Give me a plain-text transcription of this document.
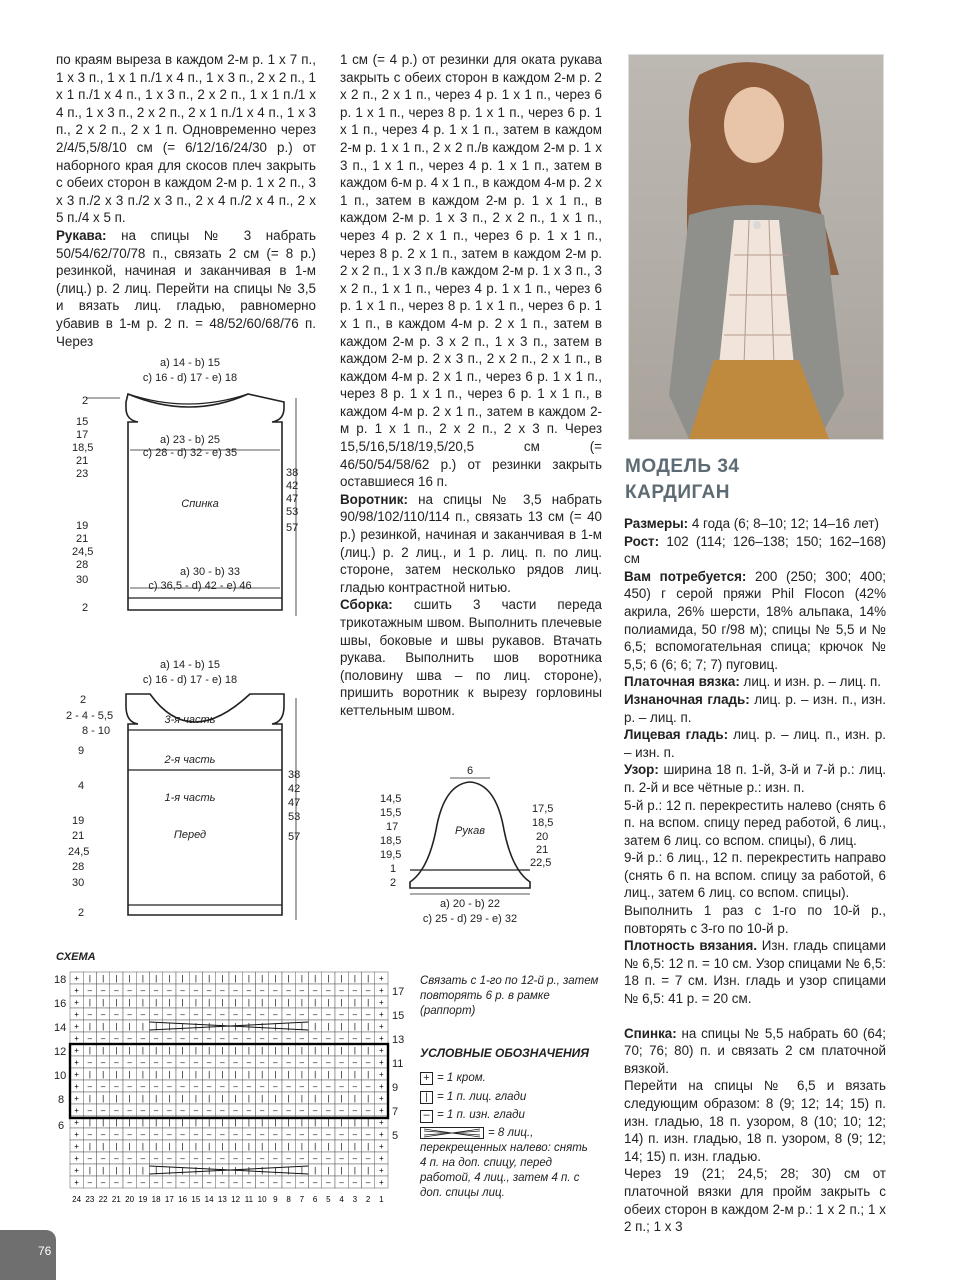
по краям выреза в каждом 2-м р. 1 х 7 п., 1 х 3 п., 1 х 1 п./1 х 4 п., 1 х 3 п., 2 х 2 п., 1 х 1 п./1 х 4 п., 1 х 3 п., 2 х 2 п., 1 х 1 п./1 х 4 п., 1 х 3 п., 2 х 2 п., 2 х 1 п./1 х 4 п., 1 х 3 п., 2 х 2 п., 2 х 1 п. Одновременно через 2/4/5,5/8/10 см (= 6/12/16/24/30 р.) от наборного края для скосов плеч закрыть с обеих сторон в каждом 2-м р. 1 х 2 п., 3 х 3 п./2 х 3 п./2 х 3 п., 2 х 4 п./2 х 4 п., 2 х 5 п./4 х 5 п.

Рукава: на спицы № 3 набрать 50/54/62/70/78 п., связать 2 см (= 8 р.) резинкой, начиная и заканчивая в 1-м (лиц.) р. 2 лиц. Перейти на спицы № 3,5 и вязать лиц. гладью, равномерно убавив в 1-м р. 2 п. = 48/52/60/68/76 п. Через

1 см (= 4 р.) от резинки для оката рукава закрыть с обеих сторон в каждом 2-м р. 2 х 2 п., 2 х 1 п., через 4 р. 1 х 1 п., через 6 р. 1 х 1 п., через 8 р. 1 х 1 п., через 6 р. 1 х 1 п., через 4 р. 1 х 1 п., затем в каждом 2-м р. 1 х 1 п., 2 х 2 п./в каждом 2-м р. 1 х 3 п., 1 х 1 п., через 4 р. 1 х 1 п., затем в каждом 6-м р. 4 х 1 п., в каждом 4-м р. 2 х 1 п., затем в каждом 2-м р. 1 х 1 п., в каждом 2-м р. 1 х 3 п., 2 х 2 п., 1 х 1 п., через 4 р. 2 х 1 п., через 6 р. 1 х 1 п., через 8 р. 2 х 1 п., затем в каждом 2-м р. 2 х 2 п., 1 х 3 п./в каждом 2-м р. 1 х 3 п., 3 х 2 п., 1 х 1 п., через 4 р. 1 х 1 п., через 6 р. 1 х 1 п., через 8 р. 1 х 1 п., через 6 р. 1 х 1 п., в каждом 4-м р. 2 х 1 п., затем в каждом 2-м р. 3 х 2 п., 1 х 3 п., затем в каждом 2-м р. 2 х 3 п., 2 х 2 п., 2 х 1 п., в каждом 4-м р. 2 х 1 п., через 6 р. 1 х 1 п., через 8 р. 1 х 1 п., через 6 р. 1 х 1 п., в каждом 4-м р. 2 х 1 п., затем в каждом 2-м р. 1 х 1 п., 2 х 2 п., 2 х 3 п. Через 15,5/16,5/18/19,5/20,5 см (= 46/50/54/58/62 р.) от резинки закрыть оставшиеся 16 п.

Воротник: на спицы № 3,5 набрать 90/98/102/110/114 п., связать 13 см (= 40 р.) резинкой, начиная и заканчивая в 1-м (лиц.) р. 2 лиц., и 1 р. лиц. п. по лиц. стороне, затем несколько рядов лиц. гладью контрастной нитью.

Сборка: сшить 3 части переда трикотажным швом. Выполнить плечевые швы, боковые и швы рукавов. Втачать рукава. Выполнить шов воротника (половину шва – по лиц. стороне), пришить воротник к вырезу горловины кеттельным швом.

МОДЕЛЬ 34
КАРДИГАН

Размеры: 4 года (6; 8–10; 12; 14–16 лет)

Рост: 102 (114; 126–138; 150; 162–168) см

Вам потребуется: 200 (250; 300; 400; 450) г серой пряжи Phil Flocon (42% акрила, 26% шерсти, 18% альпака, 14% полиамида, 50 г/98 м); спицы № 5,5 и № 6,5; вспомогательная спица; крючок № 5,5; 6 (6; 6; 7; 7) пуговиц.

Платочная вязка: лиц. и изн. р. – лиц. п.

Изнаночная гладь: лиц. р. – изн. п., изн. р. – лиц. п.

Лицевая гладь: лиц. р. – лиц. п., изн. р. – изн. п.

Узор: ширина 18 п. 1-й, 3-й и 7-й р.: лиц. п. 2-й и все чётные р.: изн. п.

5-й р.: 12 п. перекрестить налево (снять 6 п. на вспом. спицу перед работой, 6 лиц., затем 6 лиц. со вспом. спицы), 6 лиц.

9-й р.: 6 лиц., 12 п. перекрестить направо (снять 6 п. на вспом. спицу за работой, 6 лиц., затем 6 лиц. со вспом. спицы).

Выполнить 1 раз с 1-го по 10-й р., повторять с 3-го по 10-й р.

Плотность вязания. Изн. гладь спицами № 6,5: 12 п. = 10 см. Узор спицами № 6,5: 18 п. = 7 см. Изн. гладь и узор спицами № 6,5: 41 р. = 20 см.

Спинка: на спицы № 5,5 набрать 60 (64; 70; 76; 80) п. и связать 2 см платочной вязкой.

Перейти на спицы № 6,5 и вязать следующим образом: 8 (9; 12; 14; 15) п. изн. гладью, 18 п. узором, 8 (10; 10; 12; 14) п. изн. гладью, 18 п. узором, 8 (9; 12; 14; 15) п. изн. гладью.

Через 19 (21; 24,5; 28; 30) см от платочной вязки для пройм закрыть с обеих сторон в каждом 2-м р.: 1 х 2 п.; 1 х 2 п.; 1 х 3

a) 14 - b) 15
c) 16 - d) 17 - e) 18
a) 23 - b) 25
c) 28 - d) 32 - e) 35
Спинка
a) 30 - b) 33
c) 36,5 - d) 42 - e) 46
2
15
17
18,5
21
23
19
21
24,5
28
30
2
38
42
47
53
57
a) 14 - b) 15
c) 16 - d) 17 - e) 18
3-я часть
2-я часть
1-я часть
Перед
2
2 - 4 - 5,5
8 - 10
9
4
19
21
24,5
28
30
2
38
42
47
53
57
6
Рукав
14,5
15,5
17
18,5
19,5
1
2
17,5
18,5
20
21
22,5
a) 20 - b) 22
c) 25 - d) 29 - e) 32
СХЕМА
+ | | | | | | | | | | | | | | | | | | | | | | +
+ – – – – – – – – – – – – – – – – – – – – – – +
+ | | | | | | | | | | | | | | | | | | | | | | +
+ – – – – – – – – – – – – – – – – – – – – – – +
+ | | | | | | | | | | | | | | | | | | | | | | +
+ – – – – – – – – – – – – – – – – – – – – – – +
+ | | | | | | | | | | | | | | | | | | | | | | +
+ – – – – – – – – – – – – – – – – – – – – – – +
+ | | | | | | | | | | | | | | | | | | | | | | +
+ – – – – – – – – – – – – – – – – – – – – – – +
+ | | | | | | | | | | | | | | | | | | | | | | +
+ – – – – – – – – – – – – – – – – – – – – – – +
+ | | | | | | | | | | | | | | | | | | | | | | +
+ – – – – – – – – – – – – – – – – – – – – – – +
+ | | | | | | | | | | | | | | | | | | | | | | +
+ – – – – – – – – – – – – – – – – – – – – – – +
+ | | | | | | | | | | | | | | | | | | | | | | +
+ – – – – – – – – – – – – – – – – – – – – – – +
18
16
14
12
10
8
6
17
15
13
11
9
7
5
24 23 22 21 20 19 18 17 16 15 14 13 12 11 10 9 8 7 6 5 4 3 2 1
Связать с 1-го по 12-й р., затем повторять 6 р. в рамке (раппорт)
УСЛОВНЫЕ ОБОЗНАЧЕНИЯ
+ = 1 кром.
| = 1 п. лиц. глади
– = 1 п. изн. глади
= 8 лиц., перекрещенных налево: снять 4 п. на доп. спицу, перед работой, 4 лиц., затем 4 п. с доп. спицы лиц.
76
